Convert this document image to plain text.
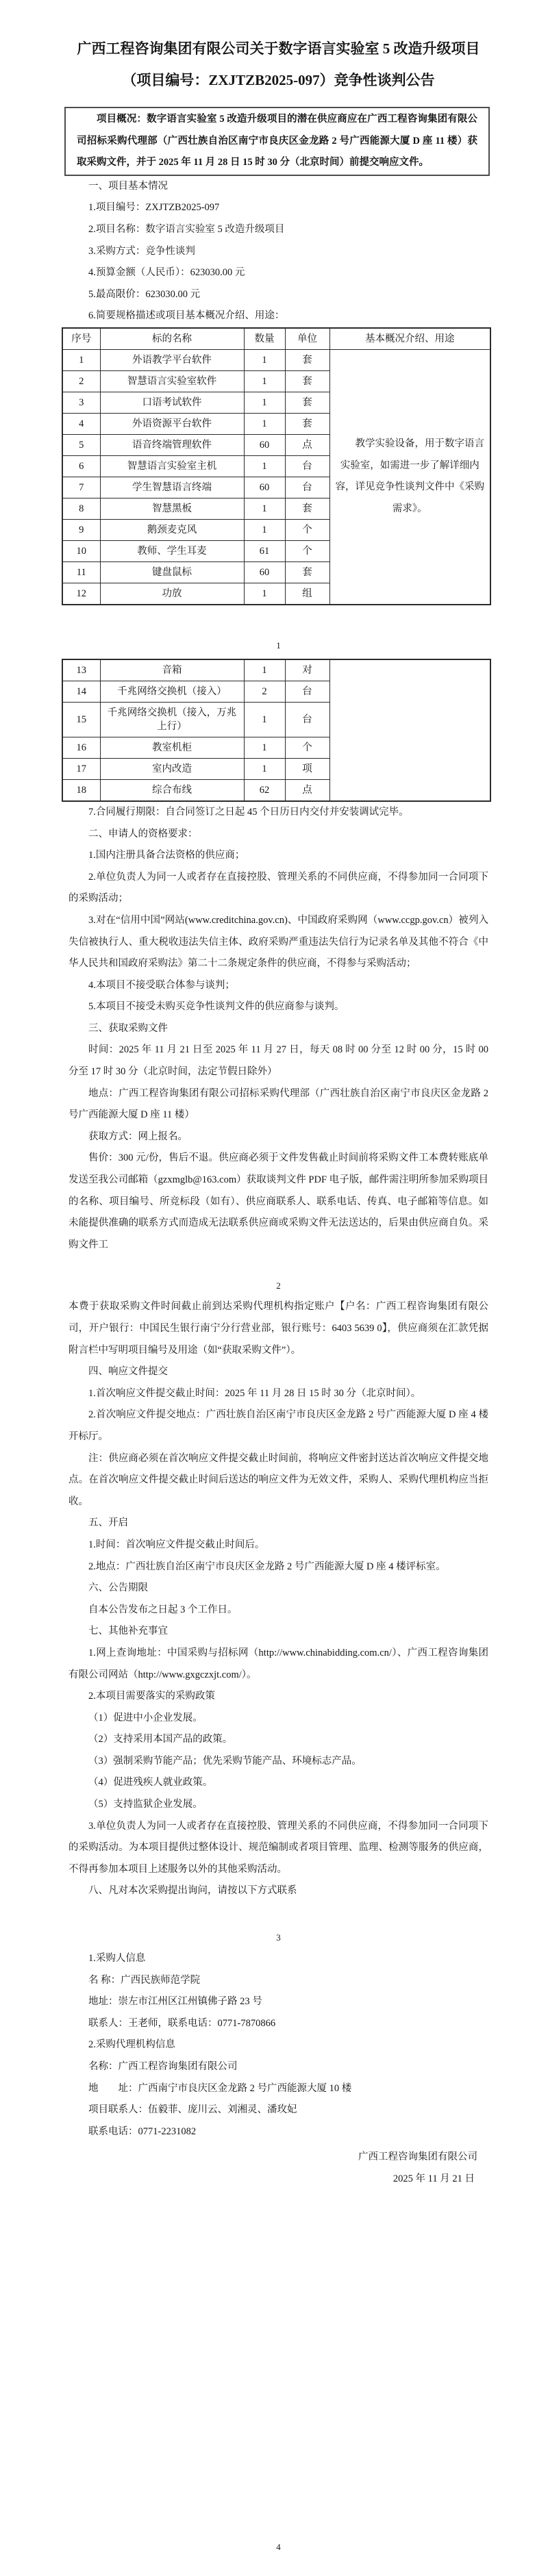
广西工程咨询集团有限公司关于数字语言实验室 5 改造升级项目
（项目编号：ZXJTZB2025-097）竞争性谈判公告

项目概况：数字语言实验室 5 改造升级项目的潜在供应商应在广西工程咨询集团有限公司招标采购代理部（广西壮族自治区南宁市良庆区金龙路 2 号广西能源大厦 D 座 11 楼）获取采购文件，并于 2025 年 11 月 28 日 15 时 30 分（北京时间）前提交响应文件。

一、项目基本情况

1.项目编号：ZXJTZB2025-097

2.项目名称：数字语言实验室 5 改造升级项目

3.采购方式：竞争性谈判

4.预算金额（人民币）：623030.00 元

5.最高限价：623030.00 元

6.简要规格描述或项目基本概况介绍、用途：

序号	标的名称	数量	单位	基本概况介绍、用途
1	外语教学平台软件	1	套	教学实验设备，用于数字语言实验室，如需进一步了解详细内容，详见竞争性谈判文件中《采购需求》。

2	智慧语言实验室软件	1	套	
3	口语考试软件	1	套	
4	外语资源平台软件	1	套	
5	语音终端管理软件	60	点	
6	智慧语言实验室主机	1	台	
7	学生智慧语言终端	60	台	
8	智慧黑板	1	套	
9	鹅颈麦克风	1	个	
10	教师、学生耳麦	61	个	
11	键盘鼠标	60	套	
12	功放	1	组	

1

13	音箱	1	对	
14	千兆网络交换机（接入）	2	台	
15	千兆网络交换机（接入，万兆上行）	1	台	
16	教室机柜	1	个	
17	室内改造	1	项	
18	综合布线	62	点	

7.合同履行期限：自合同签订之日起 45 个日历日内交付并安装调试完毕。

二、申请人的资格要求：

1.国内注册具备合法资格的供应商；

2.单位负责人为同一人或者存在直接控股、管理关系的不同供应商，不得参加同一合同项下的采购活动；

3.对在“信用中国”网站(www.creditchina.gov.cn)、中国政府采购网（www.ccgp.gov.cn）被列入失信被执行人、重大税收违法失信主体、政府采购严重违法失信行为记录名单及其他不符合《中华人民共和国政府采购法》第二十二条规定条件的供应商，不得参与采购活动；

4.本项目不接受联合体参与谈判；

5.本项目不接受未购买竞争性谈判文件的供应商参与谈判。

三、获取采购文件

时间：2025 年 11 月 21 日至 2025 年 11 月 27 日，每天 08 时 00 分至 12 时 00 分，15 时 00 分至 17 时 30 分（北京时间，法定节假日除外）

地点：广西工程咨询集团有限公司招标采购代理部（广西壮族自治区南宁市良庆区金龙路 2 号广西能源大厦 D 座 11 楼）

获取方式：网上报名。

售价：300 元/份，售后不退。供应商必须于文件发售截止时间前将采购文件工本费转账底单发送至我公司邮箱（gzxmglb@163.com）获取谈判文件 PDF 电子版，邮件需注明所参加采购项目的名称、项目编号、所竞标段（如有）、供应商联系人、联系电话、传真、电子邮箱等信息。如未能提供准确的联系方式而造成无法联系供应商或采购文件无法送达的，后果由供应商自负。采购文件工

2

本费于获取采购文件时间截止前到达采购代理机构指定账户【户名：广西工程咨询集团有限公司，开户银行：中国民生银行南宁分行营业部，银行账号：6403 5639 0】，供应商须在汇款凭据附言栏中写明项目编号及用途（如“获取采购文件”）。

四、响应文件提交

1.首次响应文件提交截止时间：2025 年 11 月 28 日 15 时 30 分（北京时间）。

2.首次响应文件提交地点：广西壮族自治区南宁市良庆区金龙路 2 号广西能源大厦 D 座 4 楼开标厅。

注：供应商必须在首次响应文件提交截止时间前，将响应文件密封送达首次响应文件提交地点。在首次响应文件提交截止时间后送达的响应文件为无效文件，采购人、采购代理机构应当拒收。

五、开启

1.时间：首次响应文件提交截止时间后。

2.地点：广西壮族自治区南宁市良庆区金龙路 2 号广西能源大厦 D 座 4 楼评标室。

六、公告期限

自本公告发布之日起 3 个工作日。

七、其他补充事宜

1.网上查询地址：中国采购与招标网（http://www.chinabidding.com.cn/）、广西工程咨询集团有限公司网站（http://www.gxgczxjt.com/）。

2.本项目需要落实的采购政策

（1）促进中小企业发展。

（2）支持采用本国产品的政策。

（3）强制采购节能产品；优先采购节能产品、环境标志产品。

（4）促进残疾人就业政策。

（5）支持监狱企业发展。

3.单位负责人为同一人或者存在直接控股、管理关系的不同供应商，不得参加同一合同项下的采购活动。为本项目提供过整体设计、规范编制或者项目管理、监理、检测等服务的供应商，不得再参加本项目上述服务以外的其他采购活动。

八、凡对本次采购提出询问，请按以下方式联系

3

1.采购人信息

名 称：广西民族师范学院

地址：崇左市江州区江州镇佛子路 23 号

联系人：王老师，联系电话：0771-7870866

2.采购代理机构信息

名称：广西工程咨询集团有限公司

地　　址：广西南宁市良庆区金龙路 2 号广西能源大厦 10 楼

项目联系人：伍毅菲、庞川云、刘湘灵、潘玫妃

联系电话：0771-2231082

广西工程咨询集团有限公司

2025 年 11 月 21 日

4
